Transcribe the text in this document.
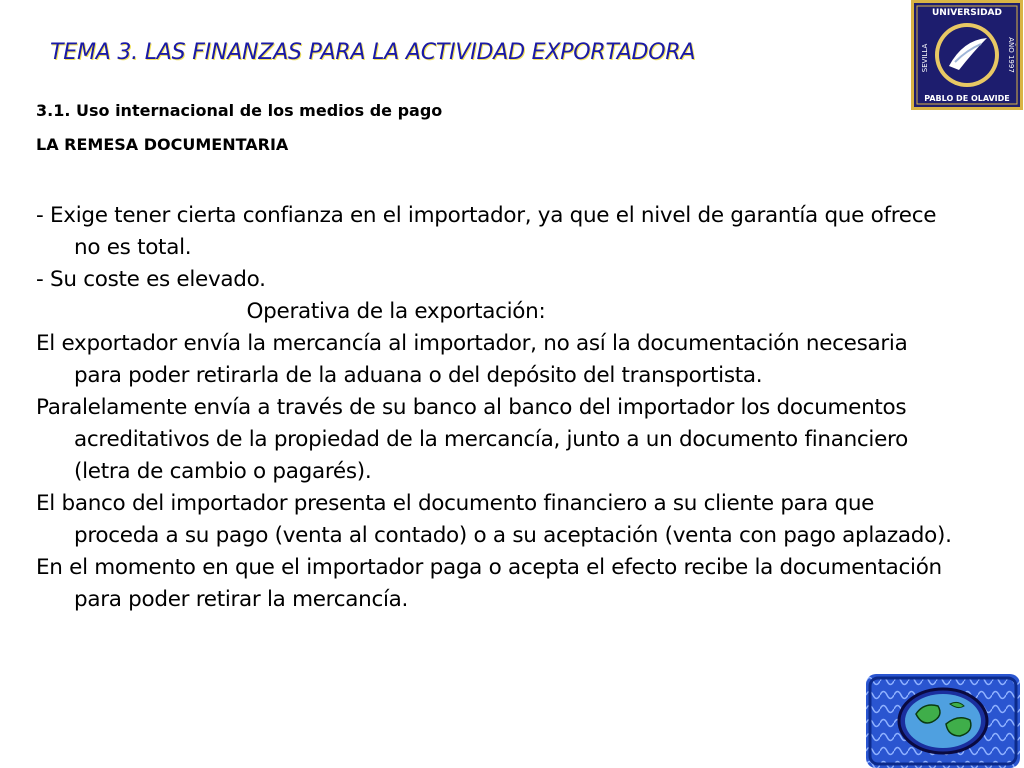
TEMA 3. LAS FINANZAS PARA LA ACTIVIDAD EXPORTADORA
3.1. Uso internacional de los medios de pago
LA REMESA DOCUMENTARIA
UNIVERSIDAD
PABLO DE OLAVIDE
SEVILLA	AÑO 1997

- Exige tener cierta confianza en el importador, ya que el nivel de garantía que ofrece no es total.

- Su coste es elevado.

Operativa de la exportación:

El exportador envía la mercancía al importador, no así la documentación necesaria para poder retirarla de la aduana o del depósito del transportista.

Paralelamente envía a través de su banco al banco del importador los documentos acreditativos de la propiedad de la mercancía, junto a un documento financiero (letra de cambio o pagarés).

El banco del importador presenta el documento financiero a su cliente para que proceda a su pago (venta al contado) o a su aceptación (venta con pago aplazado).

En el momento en que el importador paga o acepta el efecto recibe la documentación para poder retirar la mercancía.
